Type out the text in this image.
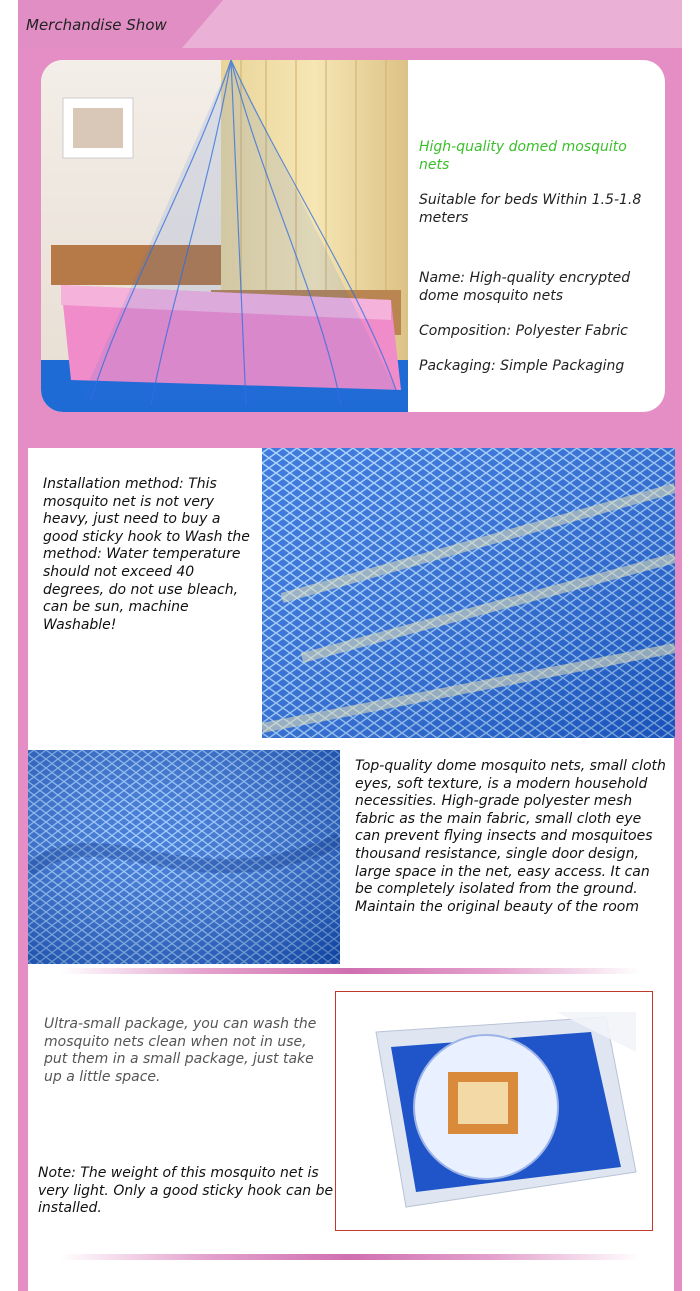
Merchandise Show

High-quality domed mosquito nets

Suitable for beds Within 1.5-1.8 meters

Name: High-quality encrypted dome mosquito nets

Composition: Polyester Fabric

Packaging: Simple Packaging

Installation method: This mosquito net is not very heavy, just need to buy a good sticky hook to Wash the method: Water temperature should not exceed 40 degrees, do not use bleach, can be sun, machine Washable!
Top-quality dome mosquito nets, small cloth eyes, soft texture, is a modern household necessities. High-grade polyester mesh fabric as the main fabric, small cloth eye can prevent flying insects and mosquitoes thousand resistance, single door design, large space in the net, easy access. It can be completely isolated from the ground. Maintain the original beauty of the room
Ultra-small package, you can wash the mosquito nets clean when not in use, put them in a small package, just take up a little space.
Note: The weight of this mosquito net is very light. Only a good sticky hook can be installed.
